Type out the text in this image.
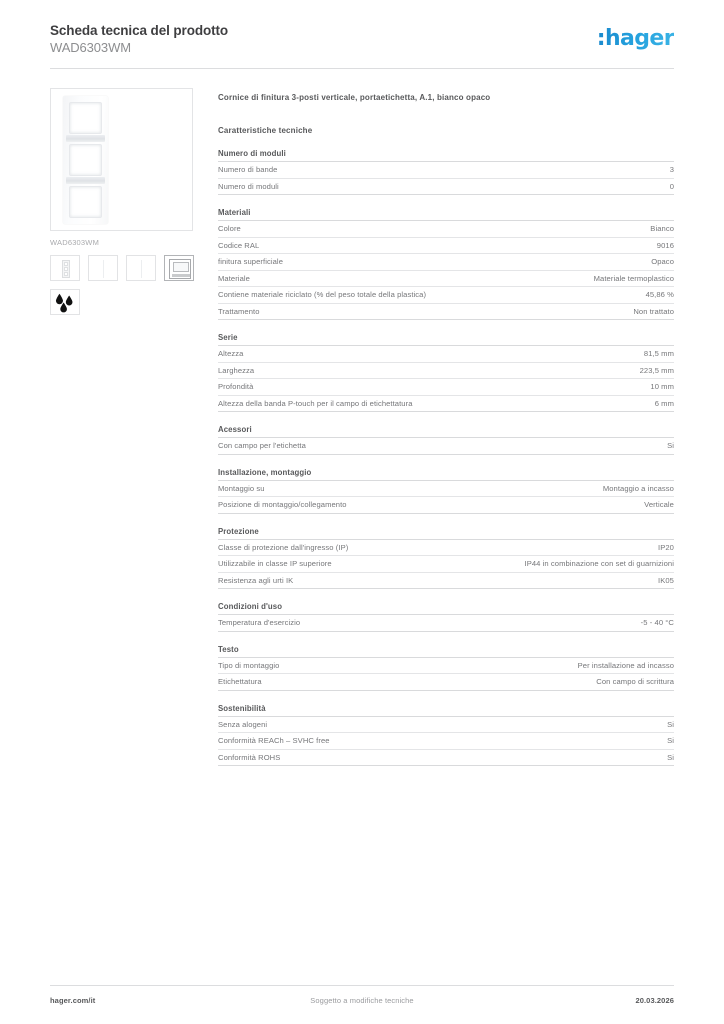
Scheda tecnica del prodotto
WAD6303WM	:hager
WAD6303WM
Cornice di finitura 3-posti verticale, portaetichetta, A.1, bianco opaco
Caratteristiche tecniche
Numero di moduli
Numero di bande	3
Numero di moduli	0
Materiali
Colore	Bianco
Codice RAL	9016
finitura superficiale	Opaco
Materiale	Materiale termoplastico
Contiene materiale riciclato (% del peso totale della plastica)	45,86 %
Trattamento	Non trattato
Serie
Altezza	81,5 mm
Larghezza	223,5 mm
Profondità	10 mm
Altezza della banda P-touch per il campo di etichettatura	6 mm
Acessori
Con campo per l'etichetta	Si
Installazione, montaggio
Montaggio su	Montaggio a incasso
Posizione di montaggio/collegamento	Verticale
Protezione
Classe di protezione dall'ingresso (IP)	IP20
Utilizzabile in classe IP superiore	IP44 in combinazione con set di guarnizioni
Resistenza agli urti IK	IK05
Condizioni d'uso
Temperatura d'esercizio	-5 - 40 °C
Testo
Tipo di montaggio	Per installazione ad incasso
Etichettatura	Con campo di scrittura
Sostenibilità
Senza alogeni	Si
Conformità REACh – SVHC free	Si
Conformità ROHS	Si
hager.com/it	Soggetto a modifiche tecniche	20.03.2026
